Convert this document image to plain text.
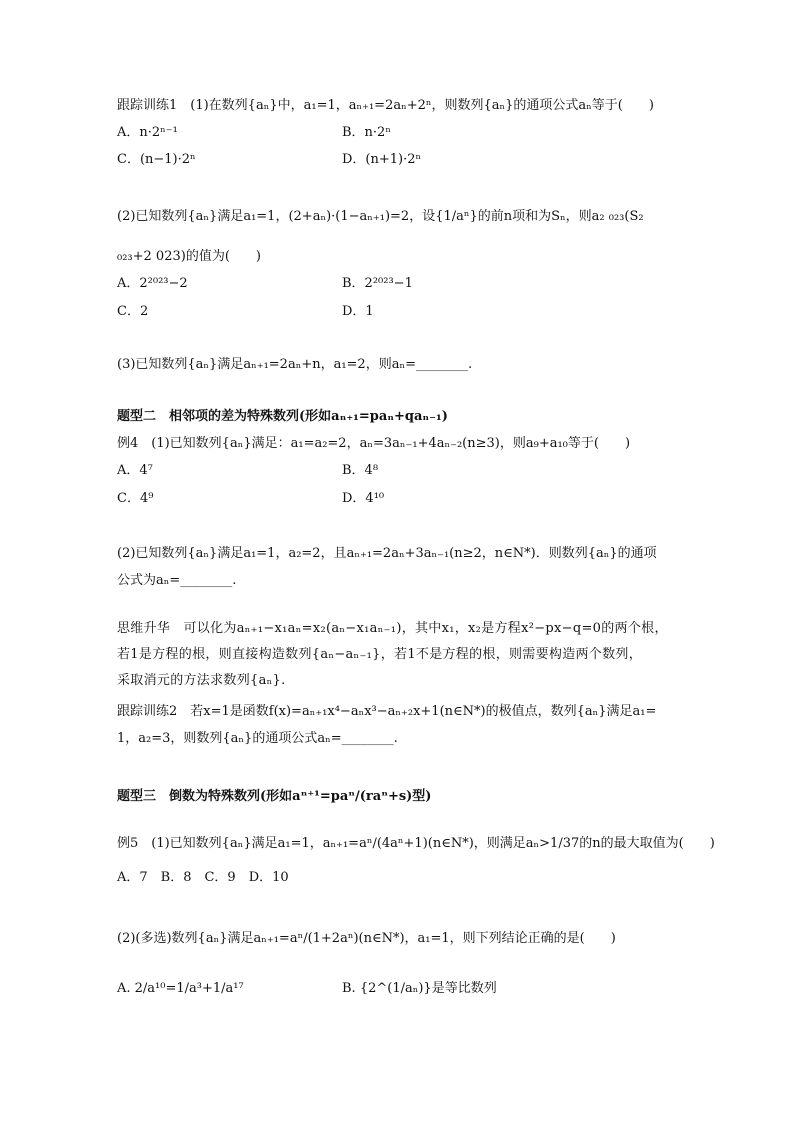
跟踪训练1　(1)在数列{aₙ}中，a₁=1，aₙ₊₁=2aₙ+2ⁿ，则数列{aₙ}的通项公式aₙ等于(　　)
A．n·2ⁿ⁻¹	B．n·2ⁿ
C．(n−1)·2ⁿ	D．(n+1)·2ⁿ
(2)已知数列{aₙ}满足a₁=1，(2+aₙ)·(1−aₙ₊₁)=2，设{1/aⁿ}的前n项和为Sₙ，则a₂ ₀₂₃(S₂
₀₂₃+2 023)的值为(　　)
A．2²⁰²³−2	B．2²⁰²³−1
C．2	D．1
(3)已知数列{aₙ}满足aₙ₊₁=2aₙ+n，a₁=2，则aₙ=________.
题型二　相邻项的差为特殊数列(形如aₙ₊₁=paₙ+qaₙ₋₁)
例4　(1)已知数列{aₙ}满足：a₁=a₂=2，aₙ=3aₙ₋₁+4aₙ₋₂(n≥3)，则a₉+a₁₀等于(　　)
A．4⁷	B．4⁸
C．4⁹	D．4¹⁰
(2)已知数列{aₙ}满足a₁=1，a₂=2，且aₙ₊₁=2aₙ+3aₙ₋₁(n≥2，n∈N*)．则数列{aₙ}的通项
公式为aₙ=________.
思维升华　可以化为aₙ₊₁−x₁aₙ=x₂(aₙ−x₁aₙ₋₁)，其中x₁，x₂是方程x²−px−q=0的两个根，
若1是方程的根，则直接构造数列{aₙ−aₙ₋₁}，若1不是方程的根，则需要构造两个数列，
采取消元的方法求数列{aₙ}.
跟踪训练2　若x=1是函数f(x)=aₙ₊₁x⁴−aₙx³−aₙ₊₂x+1(n∈N*)的极值点，数列{aₙ}满足a₁=
1，a₂=3，则数列{aₙ}的通项公式aₙ=________.
题型三　倒数为特殊数列(形如aⁿ⁺¹=paⁿ/(raⁿ+s)型)
例5　(1)已知数列{aₙ}满足a₁=1，aₙ₊₁=aⁿ/(4aⁿ+1)(n∈N*)，则满足aₙ>1/37的n的最大取值为(　　)
A．7　B．8　C．9　D．10
(2)(多选)数列{aₙ}满足aₙ₊₁=aⁿ/(1+2aⁿ)(n∈N*)，a₁=1，则下列结论正确的是(　　)
A. 2/a¹⁰=1/a³+1/a¹⁷	B. {2^(1/aₙ)}是等比数列
